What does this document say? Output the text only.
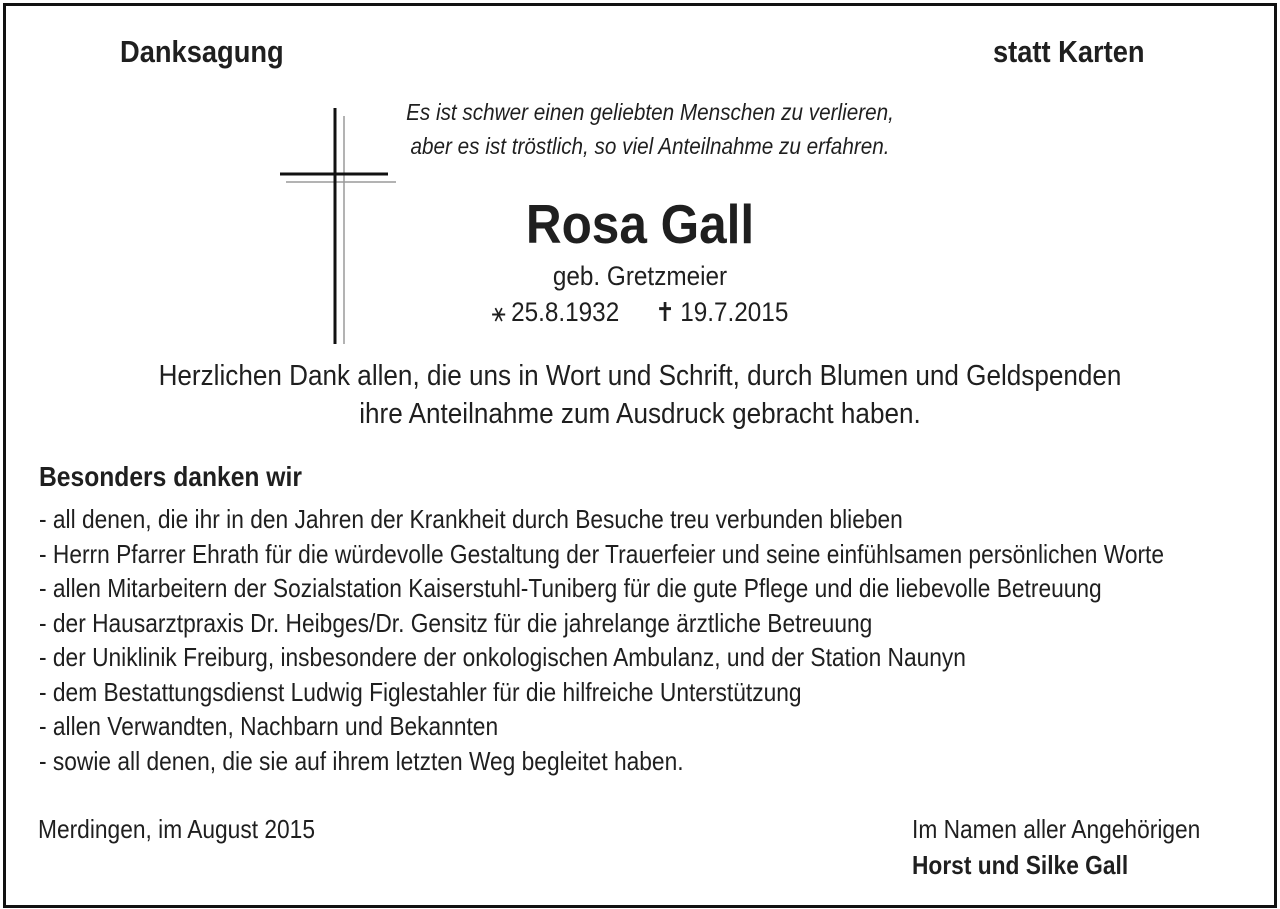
Danksagung	statt Karten
Es ist schwer einen geliebten Menschen zu verlieren,
aber es ist tröstlich, so viel Anteilnahme zu erfahren.
Rosa Gall
geb. Gretzmeier
⚹ 25.8.1932 ✝ 19.7.2015
Herzlichen Dank allen, die uns in Wort und Schrift, durch Blumen und Geldspenden
ihre Anteilnahme zum Ausdruck gebracht haben.
Besonders danken wir
- all denen, die ihr in den Jahren der Krankheit durch Besuche treu verbunden blieben
- Herrn Pfarrer Ehrath für die würdevolle Gestaltung der Trauerfeier und seine einfühlsamen persönlichen Worte
- allen Mitarbeitern der Sozialstation Kaiserstuhl-Tuniberg für die gute Pflege und die liebevolle Betreuung
- der Hausarztpraxis Dr. Heibges/Dr. Gensitz für die jahrelange ärztliche Betreuung
- der Uniklinik Freiburg, insbesondere der onkologischen Ambulanz, und der Station Naunyn
- dem Bestattungsdienst Ludwig Figlestahler für die hilfreiche Unterstützung
- allen Verwandten, Nachbarn und Bekannten
- sowie all denen, die sie auf ihrem letzten Weg begleitet haben.
Merdingen, im August 2015	Im Namen aller Angehörigen
Horst und Silke Gall
